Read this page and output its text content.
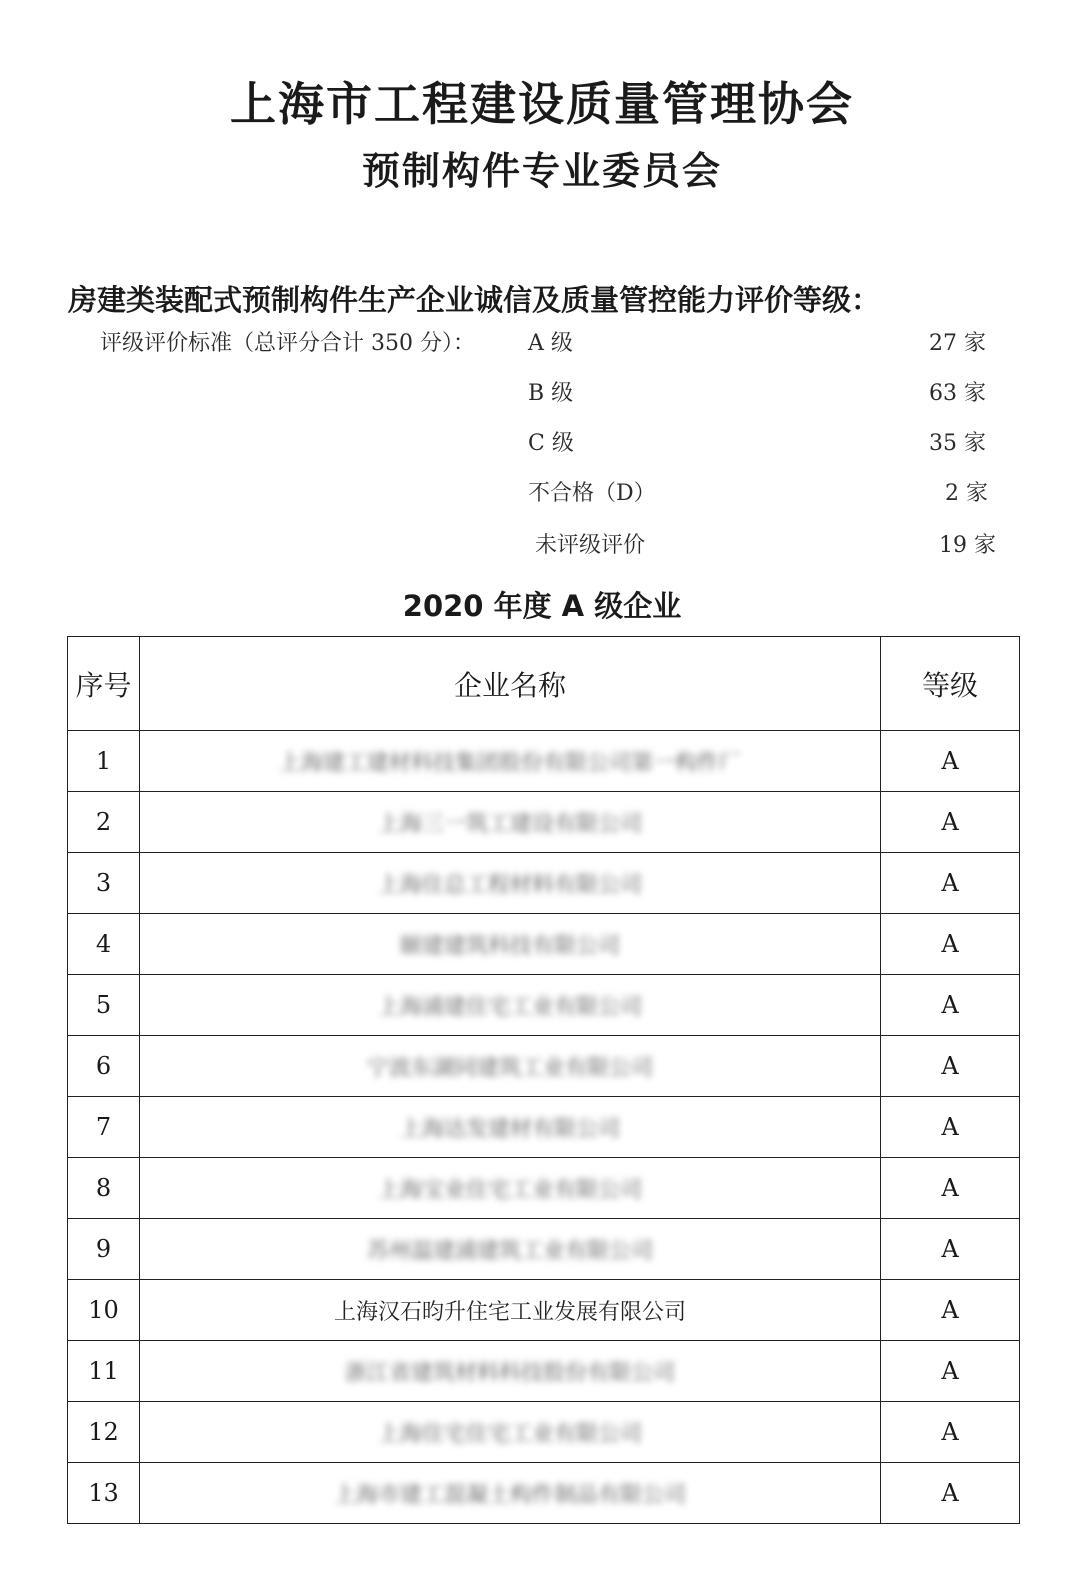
上海市工程建设质量管理协会
预制构件专业委员会
房建类装配式预制构件生产企业诚信及质量管控能力评价等级：
评级评价标准（总评分合计 350 分）： A 级	27 家
B 级	63 家
C 级	35 家
不合格（D）	2 家
未评级评价	19 家
2020 年度 A 级企业
序号	企业名称	等级
1	上海建工建材科技集团股份有限公司第一构件厂	A
2	上海三一筑工建设有限公司	A
3	上海住总工程材料有限公司	A
4	颐建建筑科技有限公司	A
5	上海浦建住宅工业有限公司	A
6	宁波东湖同建筑工业有限公司	A
7	上海达发建材有限公司	A
8	上海宝业住宅工业有限公司	A
9	苏州温建浦建筑工业有限公司	A
10	上海汉石昀升住宅工业发展有限公司	A
11	浙江省建筑材料科技股份有限公司	A
12	上海住宅住宅工业有限公司	A
13	上海市建工混凝土构件制品有限公司	A
